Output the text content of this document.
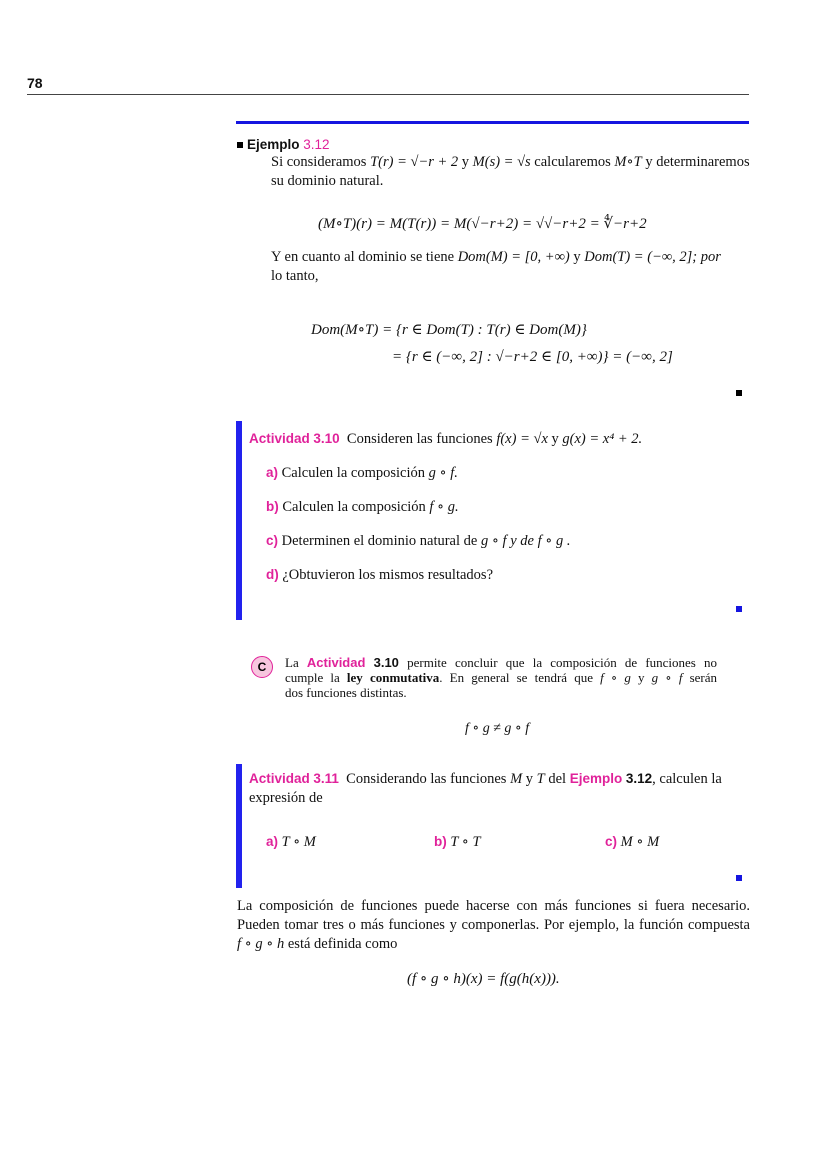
78
Ejemplo 3.12
Si consideramos T(r) = √−r + 2 y M(s) = √s calcularemos M∘T y determinaremos
su dominio natural.
(M∘T)(r) = M(T(r)) = M(√−r+2) = √√−r+2 = ∜−r+2
Y en cuanto al dominio se tiene Dom(M) = [0, +∞) y Dom(T) = (−∞, 2]; por
lo tanto,
Dom(M∘T) = {r ∈ Dom(T) : T(r) ∈ Dom(M)}
= {r ∈ (−∞, 2] : √−r+2 ∈ [0, +∞)} = (−∞, 2]
Actividad 3.10 Consideren las funciones f(x) = √x y g(x) = x⁴ + 2.
a) Calculen la composición g ∘ f.
b) Calculen la composición f ∘ g.
c) Determinen el dominio natural de g ∘ f y de f ∘ g .
d) ¿Obtuvieron los mismos resultados?
C	La Actividad 3.10 permite concluir que la composición de funciones no
cumple la ley conmutativa. En general se tendrá que f ∘ g y g ∘ f serán
dos funciones distintas.
f ∘ g ≠ g ∘ f
Actividad 3.11 Considerando las funciones M y T del Ejemplo 3.12, calculen la
expresión de
a) T ∘ M	b) T ∘ T	c) M ∘ M
La composición de funciones puede hacerse con más funciones si fuera necesario.
Pueden tomar tres o más funciones y componerlas. Por ejemplo, la función compuesta
f ∘ g ∘ h está definida como
(f ∘ g ∘ h)(x) = f(g(h(x))).
